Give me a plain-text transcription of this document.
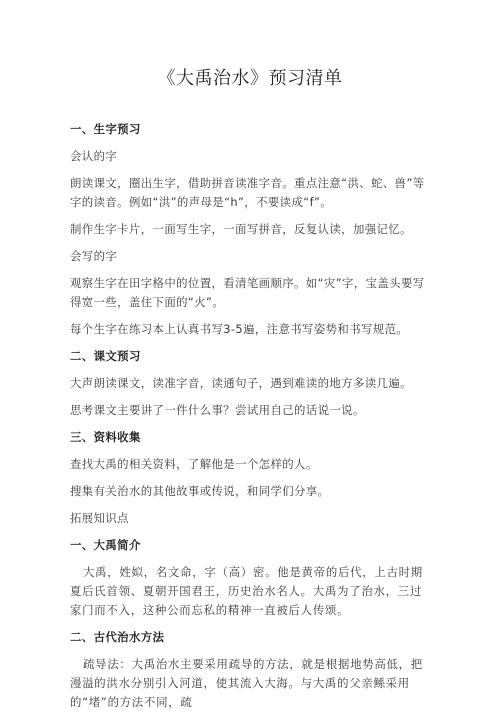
《大禹治水》预习清单
一、生字预习
会认的字
朗读课文，圈出生字，借助拼音读准字音。重点注意“洪、蛇、兽”等字的读音。例如“洪”的声母是“h”，不要读成“f”。
制作生字卡片，一面写生字，一面写拼音，反复认读，加强记忆。
会写的字
观察生字在田字格中的位置，看清笔画顺序。如“灾”字，宝盖头要写得宽一些，盖住下面的“火”。
每个生字在练习本上认真书写3-5遍，注意书写姿势和书写规范。
二、课文预习
大声朗读课文，读准字音，读通句子，遇到难读的地方多读几遍。
思考课文主要讲了一件什么事？尝试用自己的话说一说。
三、资料收集
查找大禹的相关资料，了解他是一个怎样的人。
搜集有关治水的其他故事或传说，和同学们分享。
拓展知识点
一、大禹简介
大禹，姓姒，名文命，字（高）密。他是黄帝的后代，上古时期夏后氏首领、夏朝开国君王，历史治水名人。大禹为了治水，三过家门而不入，这种公而忘私的精神一直被后人传颂。
二、古代治水方法
疏导法：大禹治水主要采用疏导的方法，就是根据地势高低，把漫溢的洪水分别引入河道，使其流入大海。与大禹的父亲鲧采用的“堵”的方法不同，疏
